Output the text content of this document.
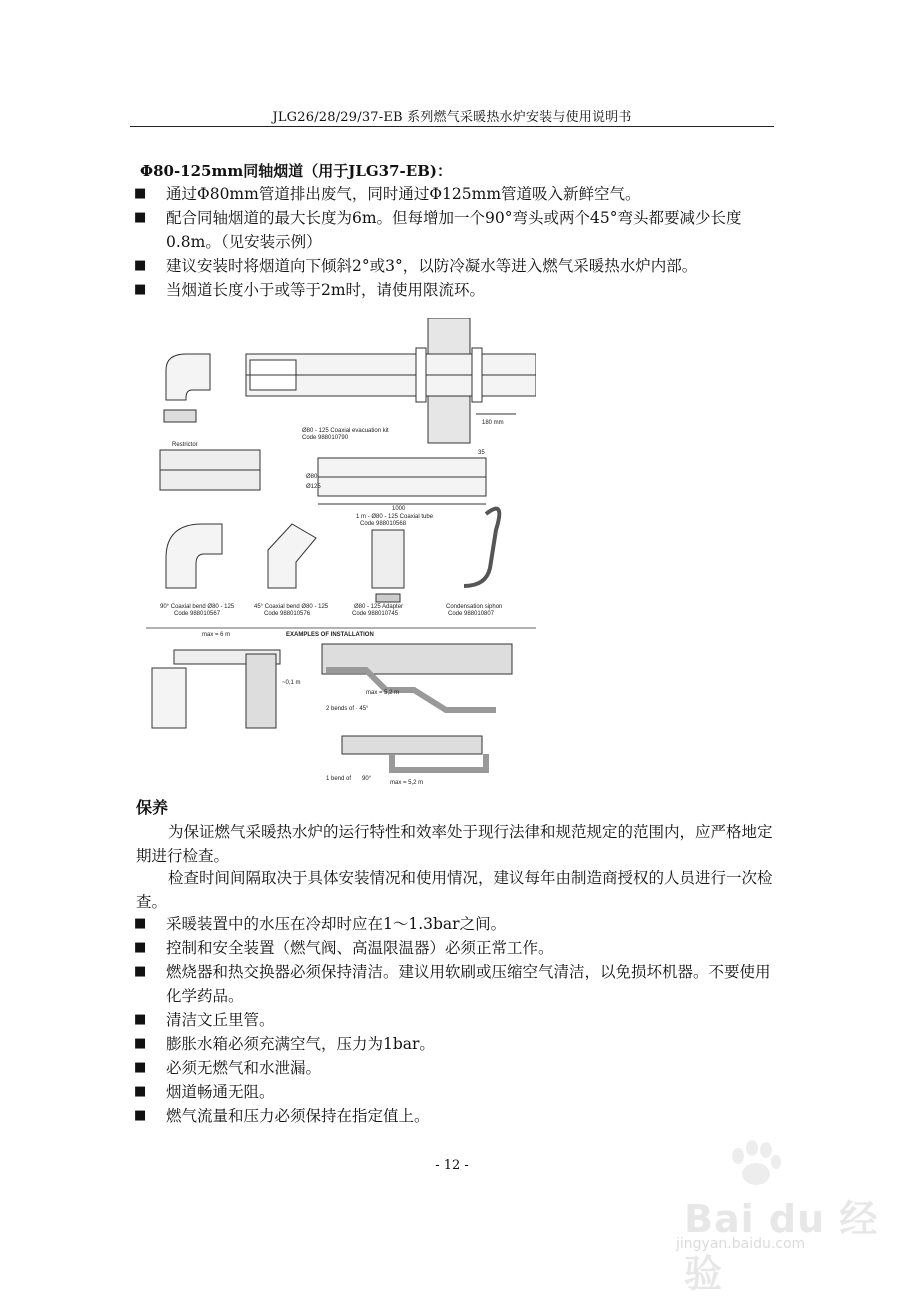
JLG26/28/29/37-EB 系列燃气采暖热水炉安装与使用说明书
Φ80-125mm同轴烟道（用于JLG37-EB)：
■	通过Φ80mm管道排出废气，同时通过Φ125mm管道吸入新鲜空气。
■	配合同轴烟道的最大长度为6m。但每增加一个90°弯头或两个45°弯头都要减少长度0.8m。（见安装示例）
■	建议安装时将烟道向下倾斜2°或3°，以防冷凝水等进入燃气采暖热水炉内部。
■	当烟道长度小于或等于2m时，请使用限流环。
Ø80 - 125 Coaxial evacuation kit
Code 988010790
180 mm
Restrictor
1000
35
Ø80
Ø125
1 m - Ø80 - 125 Coaxial tube
Code 988010568
90° Coaxial bend Ø80 - 125
Code 988010567
45° Coaxial bend Ø80 - 125
Code 988010576
Ø80 - 125 Adapter
Code 988010745
Condensation siphon
Code 988010807
EXAMPLES OF INSTALLATION
max = 6 m
max = 5,2 m
max = 5,2 m
2 bends of · 45°
1 bend of 90°
~0,1 m
保养
为保证燃气采暖热水炉的运行特性和效率处于现行法律和规范规定的范围内，应严格地定期进行检查。
检查时间间隔取决于具体安装情况和使用情况，建议每年由制造商授权的人员进行一次检查。
■	采暖装置中的水压在冷却时应在1～1.3bar之间。
■	控制和安全装置（燃气阀、高温限温器）必须正常工作。
■	燃烧器和热交换器必须保持清洁。建议用软刷或压缩空气清洁，以免损坏机器。不要使用化学药品。
■	清洁文丘里管。
■	膨胀水箱必须充满空气，压力为1bar。
■	必须无燃气和水泄漏。
■	烟道畅通无阻。
■	燃气流量和压力必须保持在指定值上。
- 12 -
Bai du 经验
jingyan.baidu.com
